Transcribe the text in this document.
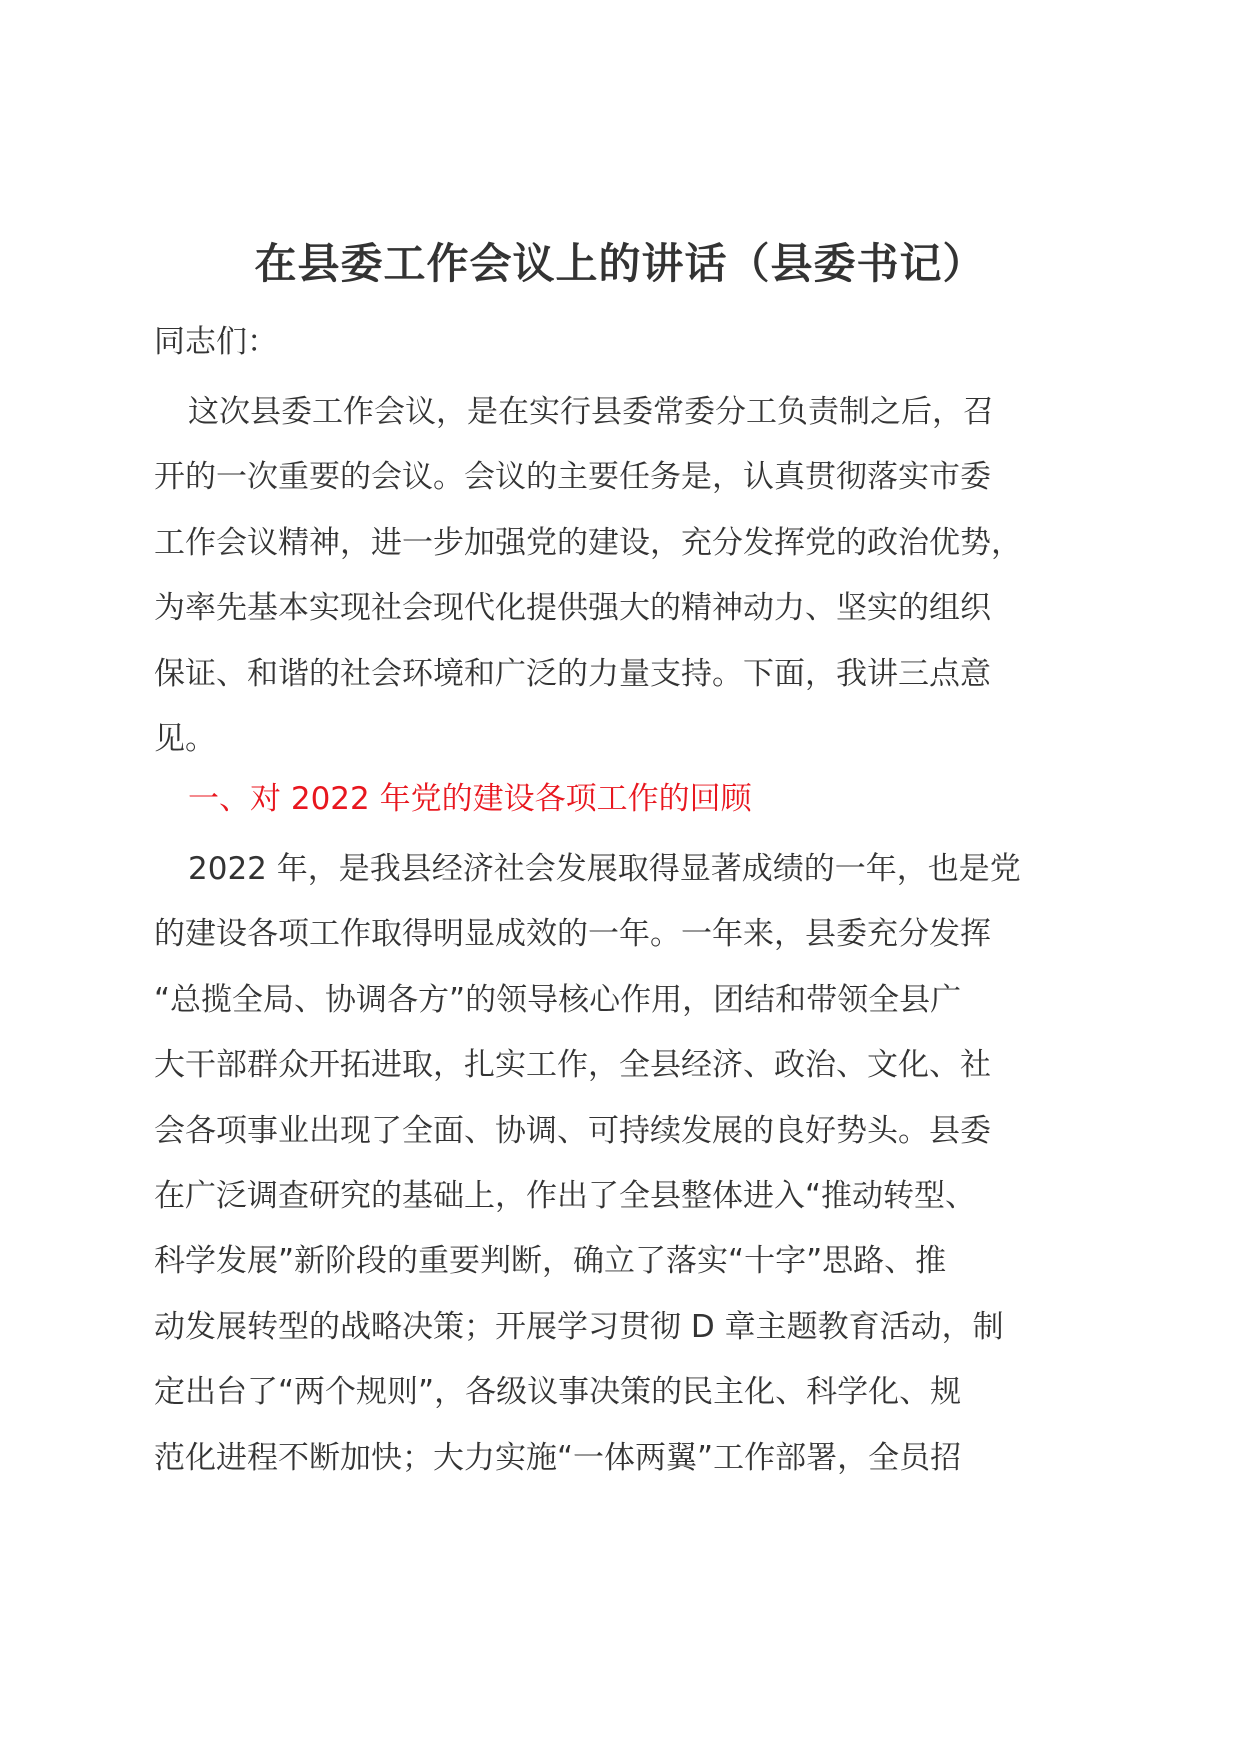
在县委工作会议上的讲话（县委书记）
同志们：
这次县委工作会议，是在实行县委常委分工负责制之后，召
开的一次重要的会议。会议的主要任务是，认真贯彻落实市委
工作会议精神，进一步加强党的建设，充分发挥党的政治优势，
为率先基本实现社会现代化提供强大的精神动力、坚实的组织
保证、和谐的社会环境和广泛的力量支持。下面，我讲三点意
见。
一、对 2022 年党的建设各项工作的回顾
2022 年，是我县经济社会发展取得显著成绩的一年，也是党
的建设各项工作取得明显成效的一年。一年来，县委充分发挥
“总揽全局、协调各方”的领导核心作用，团结和带领全县广
大干部群众开拓进取，扎实工作，全县经济、政治、文化、社
会各项事业出现了全面、协调、可持续发展的良好势头。县委
在广泛调查研究的基础上，作出了全县整体进入“推动转型、
科学发展”新阶段的重要判断，确立了落实“十字”思路、推
动发展转型的战略决策；开展学习贯彻 D 章主题教育活动，制
定出台了“两个规则”，各级议事决策的民主化、科学化、规
范化进程不断加快；大力实施“一体两翼”工作部署，全员招
